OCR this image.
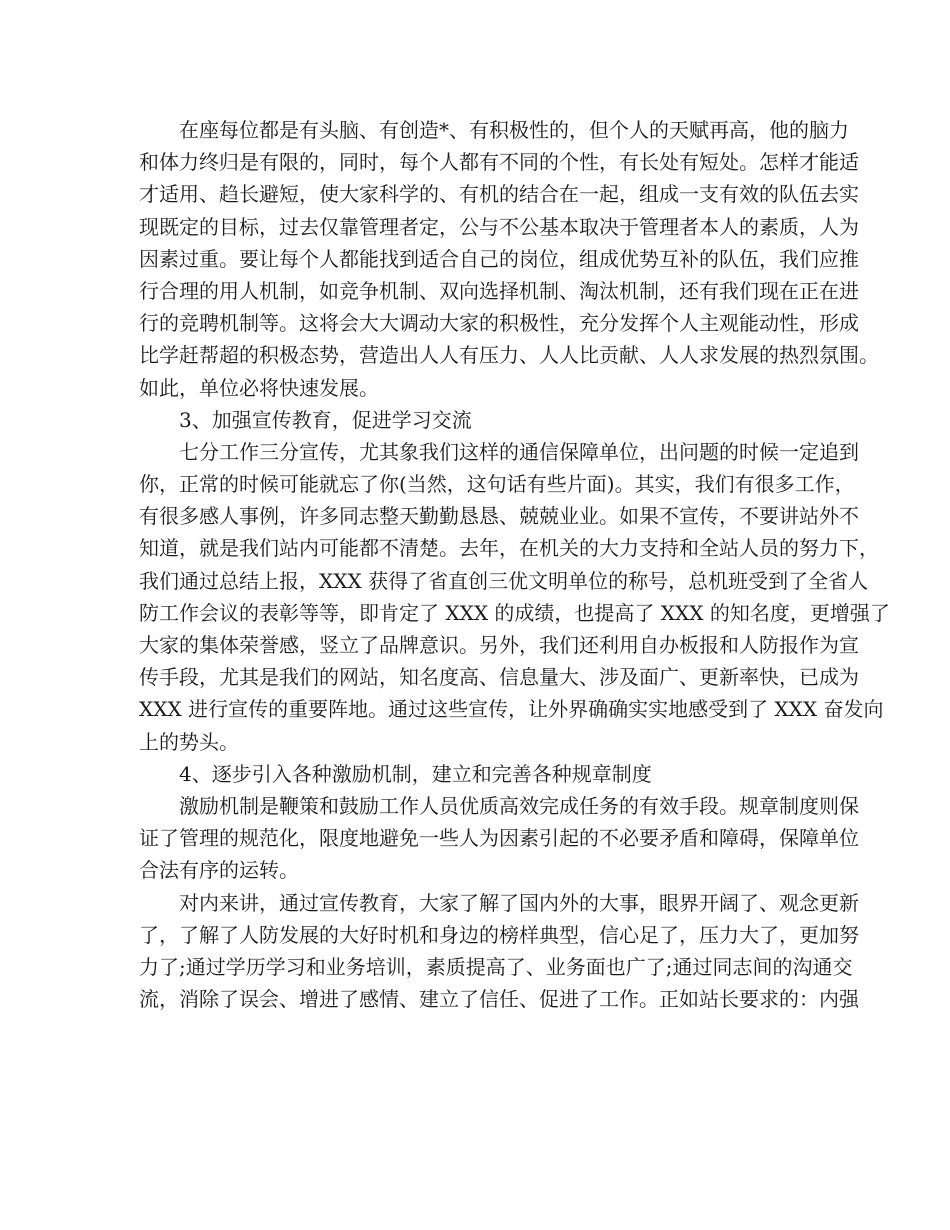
在座每位都是有头脑、有创造*、有积极性的，但个人的天赋再高，他的脑力
和体力终归是有限的，同时，每个人都有不同的个性，有长处有短处。怎样才能适
才适用、趋长避短，使大家科学的、有机的结合在一起，组成一支有效的队伍去实
现既定的目标，过去仅靠管理者定，公与不公基本取决于管理者本人的素质，人为
因素过重。要让每个人都能找到适合自己的岗位，组成优势互补的队伍，我们应推
行合理的用人机制，如竞争机制、双向选择机制、淘汰机制，还有我们现在正在进
行的竞聘机制等。这将会大大调动大家的积极性，充分发挥个人主观能动性，形成
比学赶帮超的积极态势，营造出人人有压力、人人比贡献、人人求发展的热烈氛围。
如此，单位必将快速发展。
3、加强宣传教育，促进学习交流
七分工作三分宣传，尤其象我们这样的通信保障单位，出问题的时候一定追到
你，正常的时候可能就忘了你(当然，这句话有些片面)。其实，我们有很多工作，
有很多感人事例，许多同志整天勤勤恳恳、兢兢业业。如果不宣传，不要讲站外不
知道，就是我们站内可能都不清楚。去年，在机关的大力支持和全站人员的努力下，
我们通过总结上报，XXX 获得了省直创三优文明单位的称号，总机班受到了全省人
防工作会议的表彰等等，即肯定了 XXX 的成绩，也提高了 XXX 的知名度，更增强了
大家的集体荣誉感，竖立了品牌意识。另外，我们还利用自办板报和人防报作为宣
传手段，尤其是我们的网站，知名度高、信息量大、涉及面广、更新率快，已成为
XXX 进行宣传的重要阵地。通过这些宣传，让外界确确实实地感受到了 XXX 奋发向
上的势头。
4、逐步引入各种激励机制，建立和完善各种规章制度
激励机制是鞭策和鼓励工作人员优质高效完成任务的有效手段。规章制度则保
证了管理的规范化，限度地避免一些人为因素引起的不必要矛盾和障碍，保障单位
合法有序的运转。
对内来讲，通过宣传教育，大家了解了国内外的大事，眼界开阔了、观念更新
了，了解了人防发展的大好时机和身边的榜样典型，信心足了，压力大了，更加努
力了;通过学历学习和业务培训，素质提高了、业务面也广了;通过同志间的沟通交
流，消除了误会、增进了感情、建立了信任、促进了工作。正如站长要求的：内强
